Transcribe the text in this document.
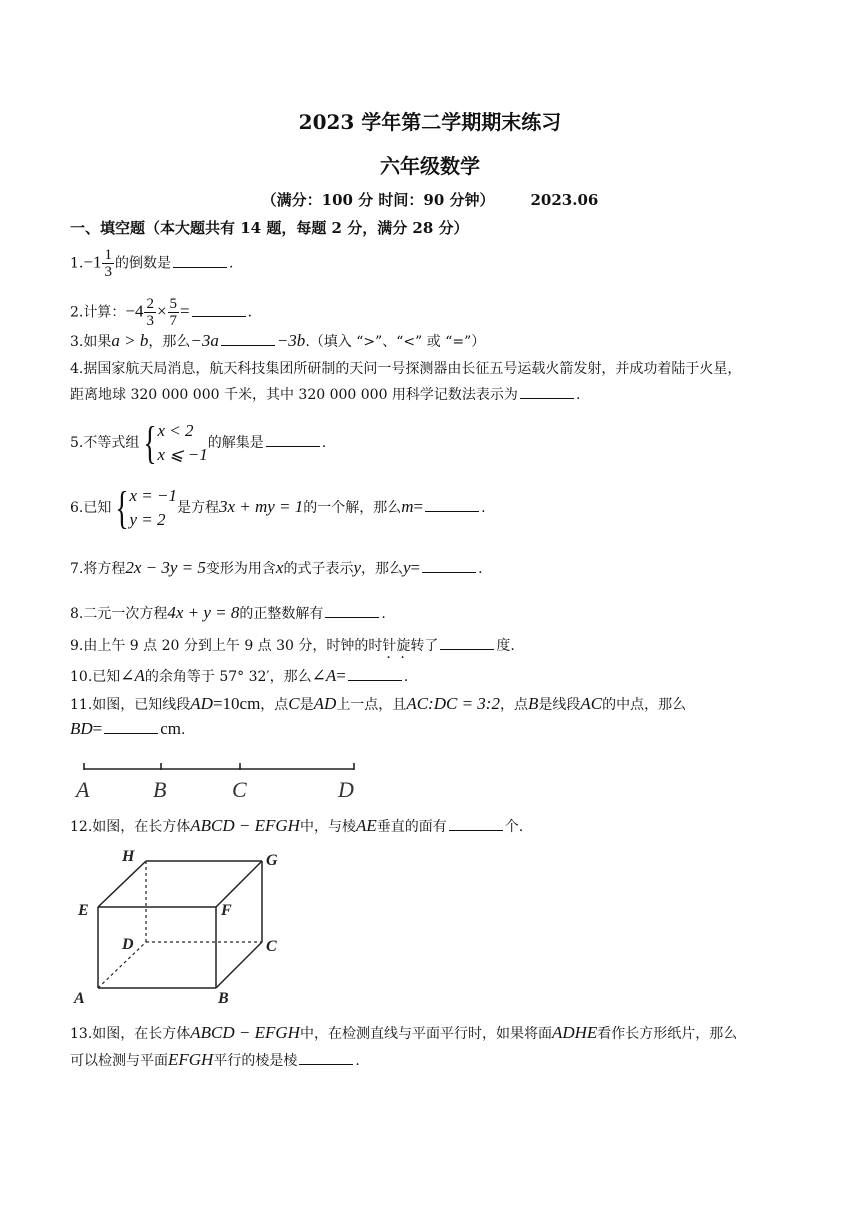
2023 学年第二学期期末练习
六年级数学
（满分：100 分 时间：90 分钟） 2023.06
一、填空题（本大题共有 14 题，每题 2 分，满分 28 分）
$1.-1 \frac{1}{3}$ 的倒数是	.
2.计算：$-4 \frac{2}{3} \times \frac{5}{7}$ =	.
3.如果a > b，那么−3a	−3b.（填入 “>”、“<” 或 “=”）
4.据国家航天局消息，航天科技集团所研制的天问一号探测器由长征五号运载火箭发射，并成功着陆于火星，
距离地球 320 000 000 千米，其中 320 000 000 用科学记数法表示为	.
5.不等式组{ x < 2
x ⩽ −1
的解集是	.
6.已知{ x = −1
y = 2
是方程3x + my = 1的一个解，那么m=	.
7.将方程2x − 3y = 5变形为用含x的式子表示y，那么y=	.
8.二元一次方程4x + y = 8的正整数解有	.
9.由上午 9 点 20 分到上午 9 点 30 分，时钟的时针旋转了	度.
10.已知∠A的余角等于 57° 32′，那么∠A=	.
11.如图，已知线段AD=10cm，点C是AD上一点，且AC:DC = 3:2，点B是线段AC的中点，那么
BD=	cm.
A	B	C	D
12.如图，在长方体ABCD − EFGH中，与棱AE垂直的面有	个.
H	G
E	F
D	C
A	B
13.如图，在长方体ABCD − EFGH中，在检测直线与平面平行时，如果将面ADHE看作长方形纸片，那么
可以检测与平面EFGH平行的棱是棱	.
